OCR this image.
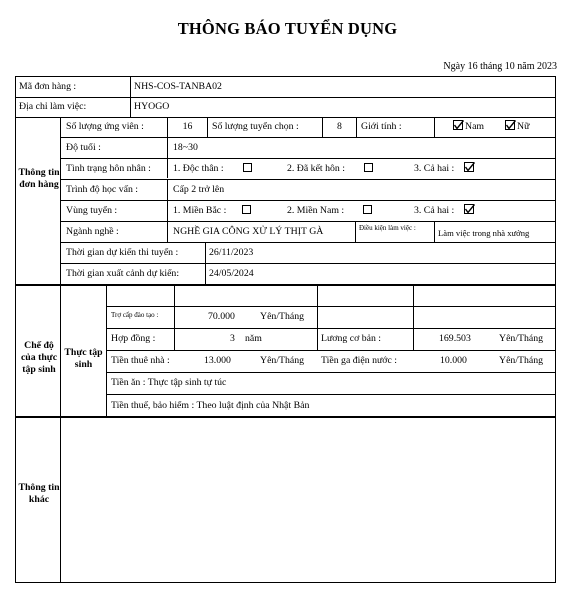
THÔNG BÁO TUYỂN DỤNG
Ngày 16 tháng 10 năm 2023
Mã đơn hàng :	NHS-COS-TANBA02
Địa chỉ làm việc:	HYOGO
Thông tin đơn hàng
Số lượng ứng viên :	16	Số lượng tuyển chọn :	8	Giới tính :	Nam	Nữ
Độ tuổi :	18~30
Tình trạng hôn nhân : 1. Độc thân :	2. Đã kết hôn :	3. Cả hai :
Trình độ học vấn :	Cấp 2 trở lên
Vùng tuyển :	1. Miền Bắc :	2. Miền Nam :	3. Cả hai :
Ngành nghề :	NGHỀ GIA CÔNG XỬ LÝ THỊT GÀ	Điều kiện làm việc :	Làm việc trong nhà xưởng
Thời gian dự kiến thi tuyển :	26/11/2023
Thời gian xuất cảnh dự kiến:	24/05/2024
Chế độ của thực tập sinh
Thực tập sinh
Trợ cấp đào tạo :	70.000	Yên/Tháng
Hợp đồng :	3 năm	Lương cơ bản :	169.503	Yên/Tháng
Tiền thuê nhà :	13.000	Yên/Tháng Tiền ga điện nước :	10.000	Yên/Tháng
Tiền ăn : Thực tập sinh tự túc
Tiền thuế, bảo hiểm : Theo luật định của Nhật Bản
Thông tin khác
